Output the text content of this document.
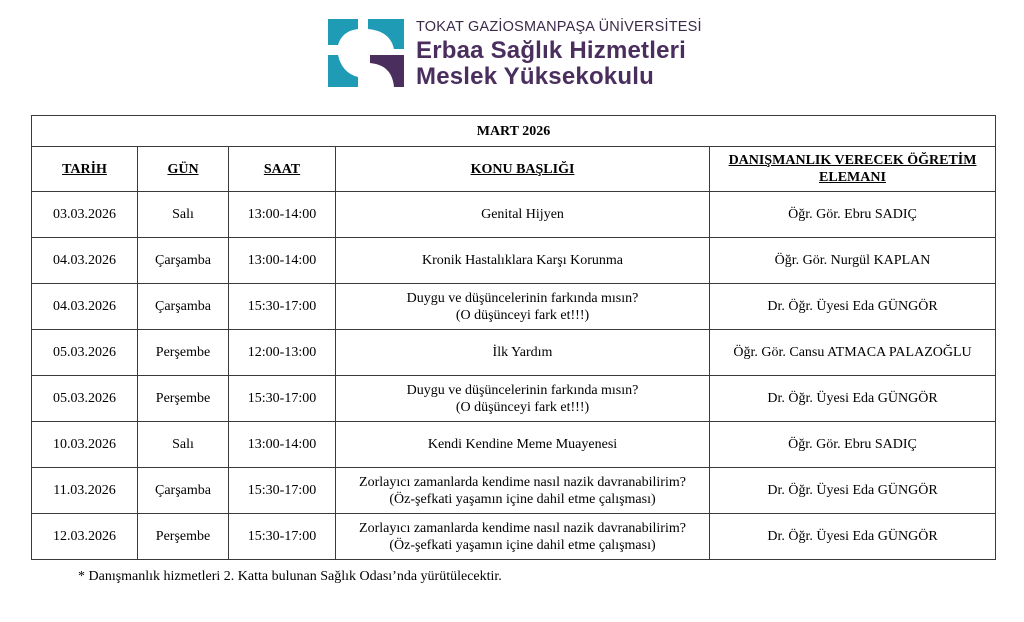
TOKAT GAZİOSMANPAŞA ÜNİVERSİTESİ
Erbaa Sağlık Hizmetleri
Meslek Yüksekokulu
MART 2026				
TARİH	GÜN	SAAT	KONU BAŞLIĞI	DANIŞMANLIK VERECEK ÖĞRETİM
ELEMANI
03.03.2026	Salı	13:00-14:00	Genital Hijyen	Öğr. Gör. Ebru SADIÇ
04.03.2026	Çarşamba	13:00-14:00	Kronik Hastalıklara Karşı Korunma	Öğr. Gör. Nurgül KAPLAN
04.03.2026	Çarşamba	15:30-17:00	Duygu ve düşüncelerinin farkında mısın?
(O düşünceyi fark et!!!)	Dr. Öğr. Üyesi Eda GÜNGÖR
05.03.2026	Perşembe	12:00-13:00	İlk Yardım	Öğr. Gör. Cansu ATMACA PALAZOĞLU
05.03.2026	Perşembe	15:30-17:00	Duygu ve düşüncelerinin farkında mısın?
(O düşünceyi fark et!!!)	Dr. Öğr. Üyesi Eda GÜNGÖR
10.03.2026	Salı	13:00-14:00	Kendi Kendine Meme Muayenesi	Öğr. Gör. Ebru SADIÇ
11.03.2026	Çarşamba	15:30-17:00	Zorlayıcı zamanlarda kendime nasıl nazik davranabilirim?
(Öz-şefkati yaşamın içine dahil etme çalışması)	Dr. Öğr. Üyesi Eda GÜNGÖR
12.03.2026	Perşembe	15:30-17:00	Zorlayıcı zamanlarda kendime nasıl nazik davranabilirim?
(Öz-şefkati yaşamın içine dahil etme çalışması)	Dr. Öğr. Üyesi Eda GÜNGÖR
* Danışmanlık hizmetleri 2. Katta bulunan Sağlık Odası’nda yürütülecektir.
